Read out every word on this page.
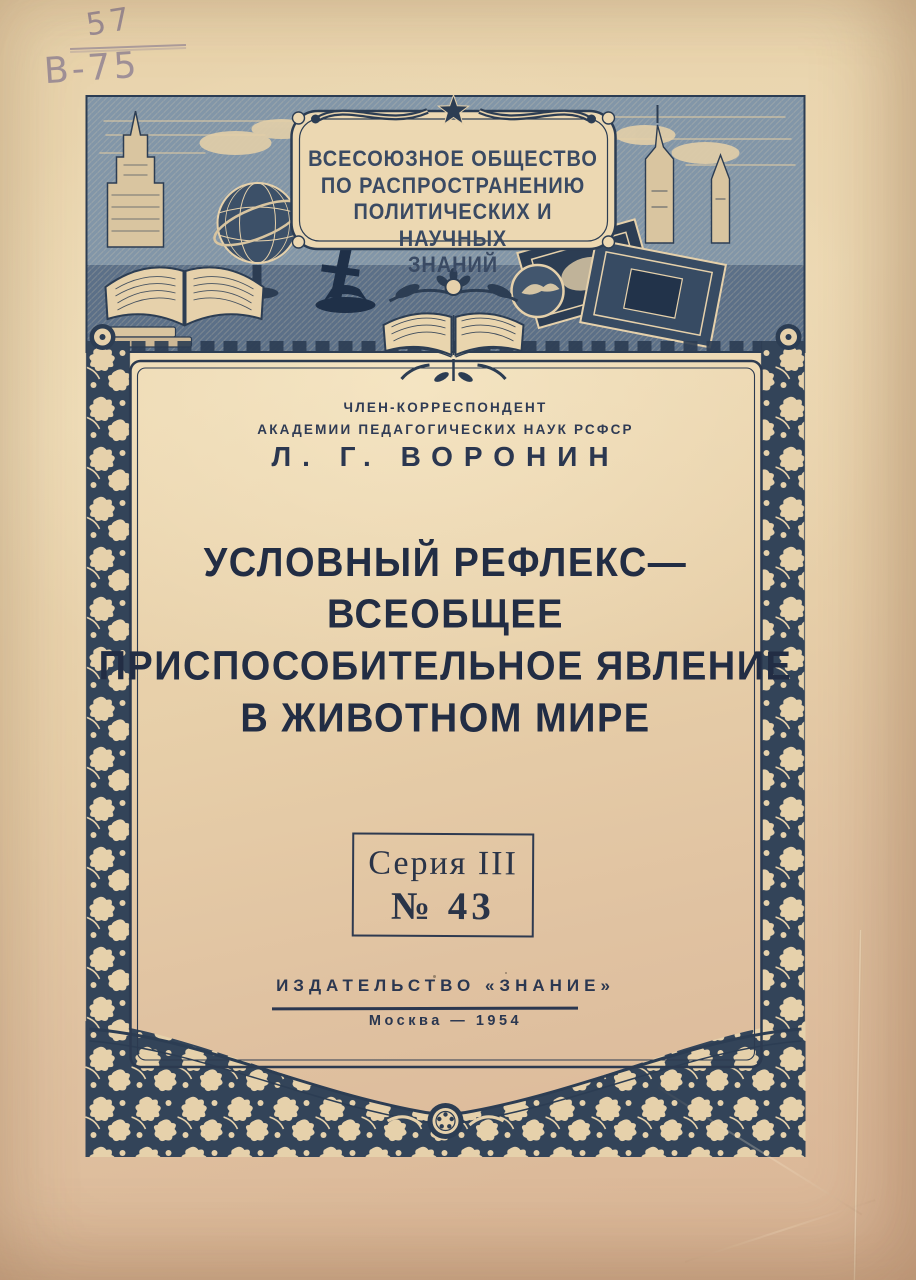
ВСЕСОЮЗНОЕ ОБЩЕСТВО
ПО РАСПРОСТРАНЕНИЮ
ПОЛИТИЧЕСКИХ И НАУЧНЫХ
ЗНАНИЙ
ЧЛЕН-КОРРЕСПОНДЕНТ
АКАДЕМИИ ПЕДАГОГИЧЕСКИХ НАУК РСФСР
Л. Г. ВОРОНИН
УСЛОВНЫЙ РЕФЛЕКС—
ВСЕОБЩЕЕ
ПРИСПОСОБИТЕЛЬНОЕ ЯВЛЕНИЕ
В ЖИВОТНОМ МИРЕ
Серия III
№ 43
ИЗДАТЕЛЬСТВО «ЗНАНИЕ»
Москва — 1954
57
В-75
